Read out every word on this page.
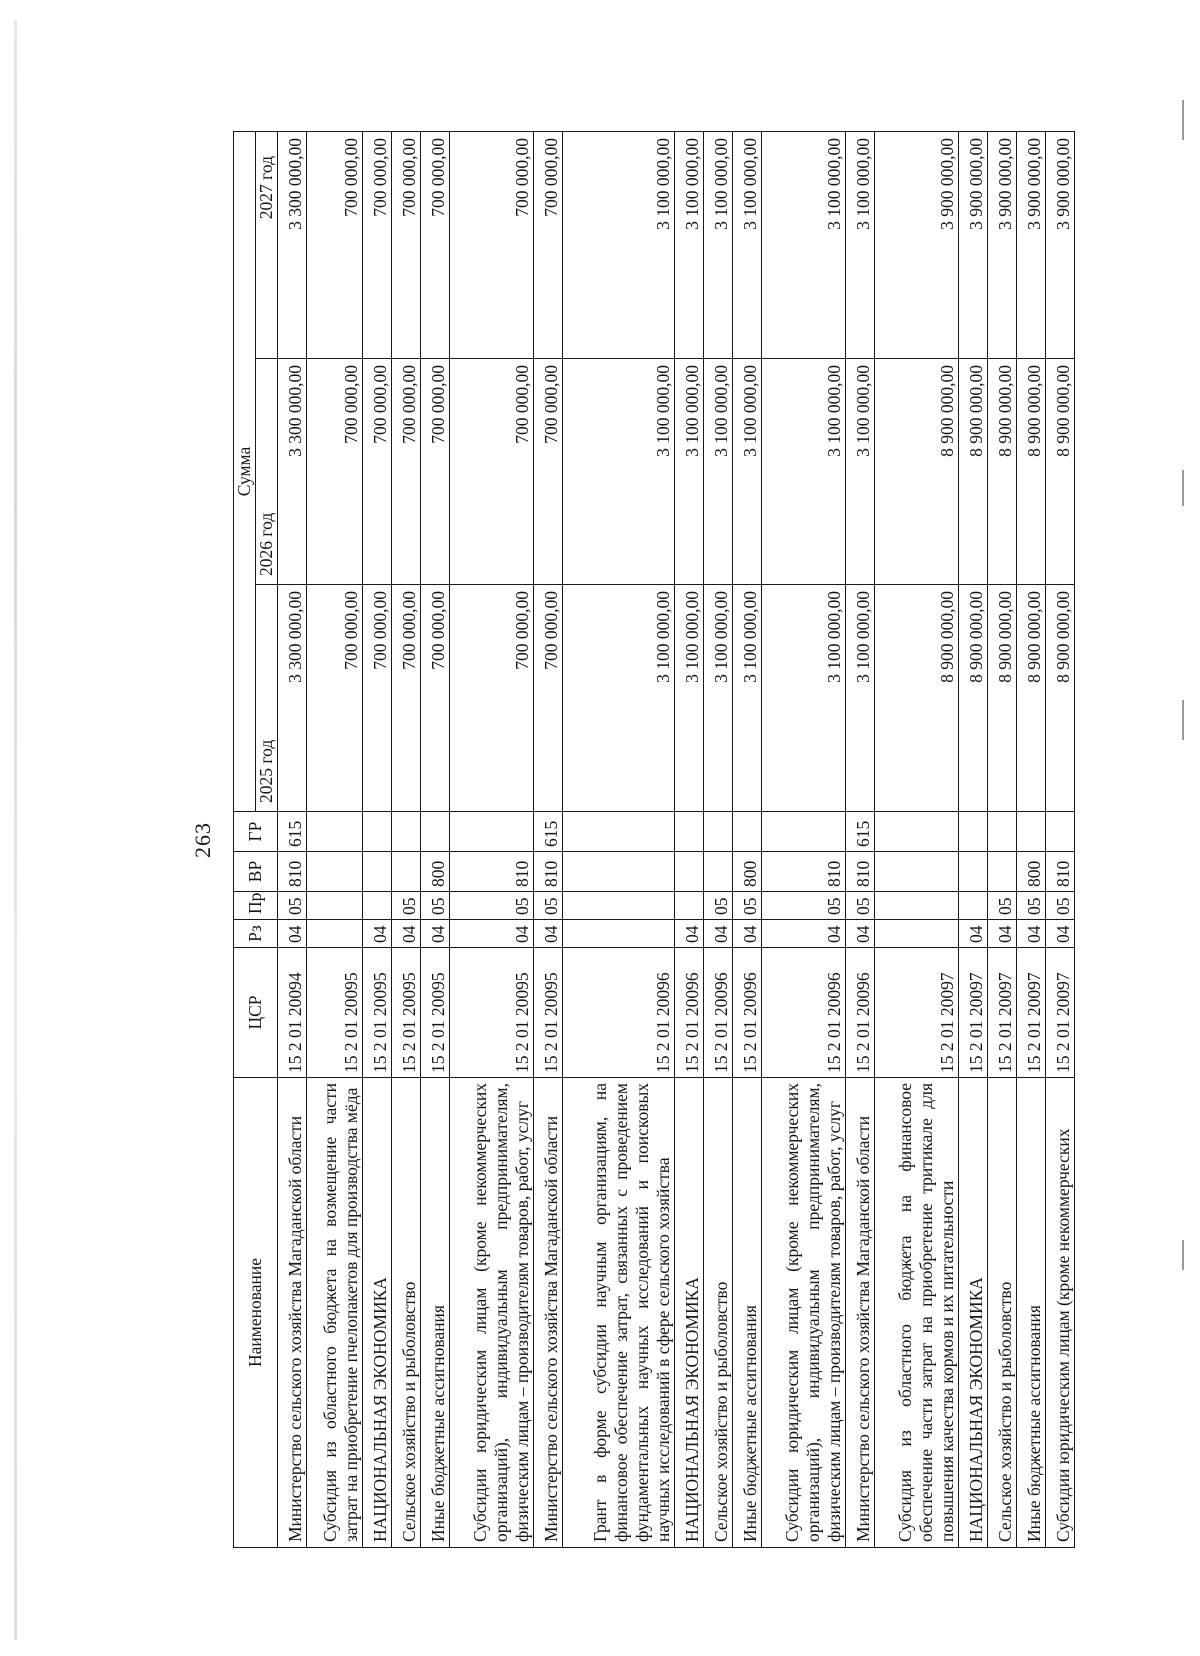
263
Наименование	ЦСР	Рз	Пр	ВР	ГР	Сумма		
						2025 год	2026 год	2027 год
Министерство сельского хозяйства Магаданской области	15 2 01 20094	04	05	810	615	3 300 000,00	3 300 000,00	3 300 000,00
Субсидия из областного бюджета на возмещение части затрат на приобретение пчелопакетов для производства мёда	15 2 01 20095					700 000,00	700 000,00	700 000,00
НАЦИОНАЛЬНАЯ ЭКОНОМИКА	15 2 01 20095	04				700 000,00	700 000,00	700 000,00
Сельское хозяйство и рыболовство	15 2 01 20095	04	05			700 000,00	700 000,00	700 000,00
Иные бюджетные ассигнования	15 2 01 20095	04	05	800		700 000,00	700 000,00	700 000,00
Субсидии юридическим лицам (кроме некоммерческих организаций), индивидуальным предпринимателям, физическим лицам – производителям товаров, работ, услуг	15 2 01 20095	04	05	810		700 000,00	700 000,00	700 000,00
Министерство сельского хозяйства Магаданской области	15 2 01 20095	04	05	810	615	700 000,00	700 000,00	700 000,00
Грант в форме субсидии научным организациям, на финансовое обеспечение затрат, связанных с проведением фундаментальных научных исследований и поисковых научных исследований в сфере сельского хозяйства	15 2 01 20096					3 100 000,00	3 100 000,00	3 100 000,00
НАЦИОНАЛЬНАЯ ЭКОНОМИКА	15 2 01 20096	04				3 100 000,00	3 100 000,00	3 100 000,00
Сельское хозяйство и рыболовство	15 2 01 20096	04	05			3 100 000,00	3 100 000,00	3 100 000,00
Иные бюджетные ассигнования	15 2 01 20096	04	05	800		3 100 000,00	3 100 000,00	3 100 000,00
Субсидии юридическим лицам (кроме некоммерческих организаций), индивидуальным предпринимателям, физическим лицам – производителям товаров, работ, услуг	15 2 01 20096	04	05	810		3 100 000,00	3 100 000,00	3 100 000,00
Министерство сельского хозяйства Магаданской области	15 2 01 20096	04	05	810	615	3 100 000,00	3 100 000,00	3 100 000,00
Субсидия из областного бюджета на финансовое обеспечение части затрат на приобретение тритикале для повышения качества кормов и их питательности	15 2 01 20097					8 900 000,00	8 900 000,00	3 900 000,00
НАЦИОНАЛЬНАЯ ЭКОНОМИКА	15 2 01 20097	04				8 900 000,00	8 900 000,00	3 900 000,00
Сельское хозяйство и рыболовство	15 2 01 20097	04	05			8 900 000,00	8 900 000,00	3 900 000,00
Иные бюджетные ассигнования	15 2 01 20097	04	05	800		8 900 000,00	8 900 000,00	3 900 000,00
Субсидии юридическим лицам (кроме некоммерческих	15 2 01 20097	04	05	810		8 900 000,00	8 900 000,00	3 900 000,00
